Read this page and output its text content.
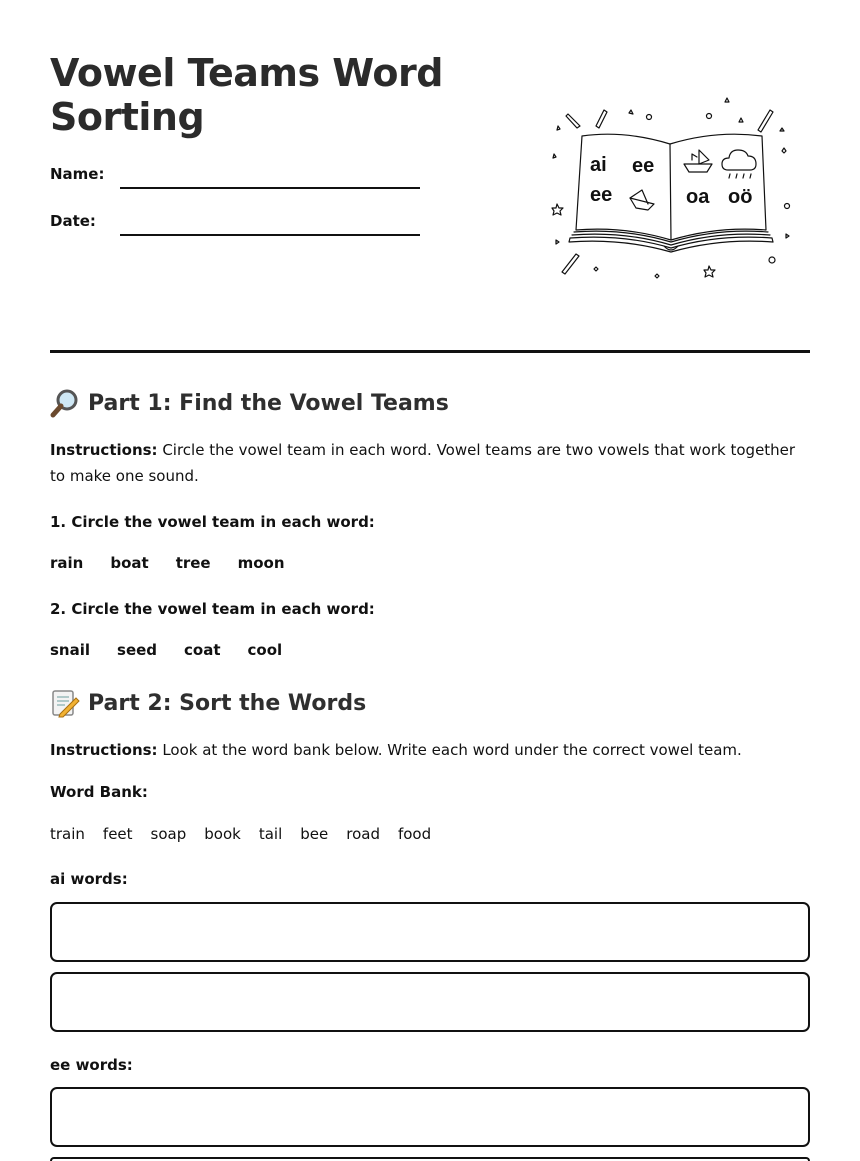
Vowel Teams Word Sorting
Name:
Date:
ai ee
ee	oa oö
Part 1: Find the Vowel Teams

Instructions: Circle the vowel team in each word. Vowel teams are two vowels that work together to make one sound.

1. Circle the vowel team in each word:
rain boat tree moon
2. Circle the vowel team in each word:
snail seed coat cool
Part 2: Sort the Words

Instructions: Look at the word bank below. Write each word under the correct vowel team.

Word Bank:
train feet soap book tail bee road food
ai words:
ee words:
